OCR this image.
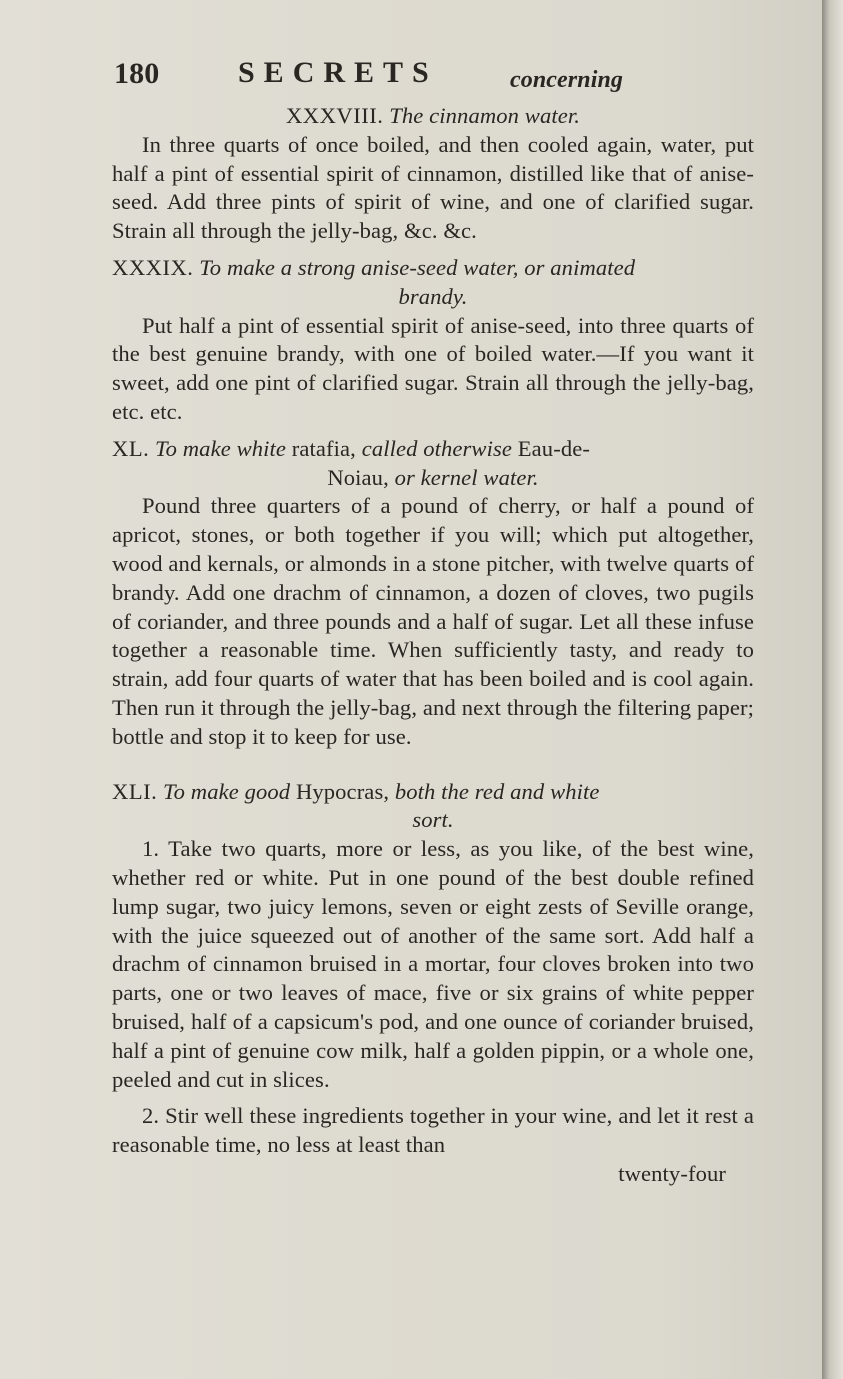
180	SECRETS	concerning

XXXVIII. The cinnamon water.

In three quarts of once boiled, and then cooled again, water, put half a pint of essential spirit of cinnamon, distilled like that of anise-seed. Add three pints of spirit of wine, and one of clarified sugar. Strain all through the jelly-bag, &c. &c.

XXXIX. To make a strong anise-seed water, or animated

brandy.

Put half a pint of essential spirit of anise-seed, into three quarts of the best genuine brandy, with one of boiled water.—If you want it sweet, add one pint of clarified sugar. Strain all through the jelly-bag, etc. etc.

XL. To make white ratafia, called otherwise Eau-de-

Noiau, or kernel water.

Pound three quarters of a pound of cherry, or half a pound of apricot, stones, or both together if you will; which put altogether, wood and kernals, or almonds in a stone pitcher, with twelve quarts of brandy. Add one drachm of cinnamon, a dozen of cloves, two pugils of coriander, and three pounds and a half of sugar. Let all these infuse together a reasonable time. When sufficiently tasty, and ready to strain, add four quarts of water that has been boiled and is cool again. Then run it through the jelly-bag, and next through the filtering paper; bottle and stop it to keep for use.

XLI. To make good Hypocras, both the red and white

sort.

1. Take two quarts, more or less, as you like, of the best wine, whether red or white. Put in one pound of the best double refined lump sugar, two juicy lemons, seven or eight zests of Seville orange, with the juice squeezed out of another of the same sort. Add half a drachm of cinnamon bruised in a mortar, four cloves broken into two parts, one or two leaves of mace, five or six grains of white pepper bruised, half of a capsicum's pod, and one ounce of coriander bruised, half a pint of genuine cow milk, half a golden pippin, or a whole one, peeled and cut in slices.

2. Stir well these ingredients together in your wine, and let it rest a reasonable time, no less at least than

twenty-four
